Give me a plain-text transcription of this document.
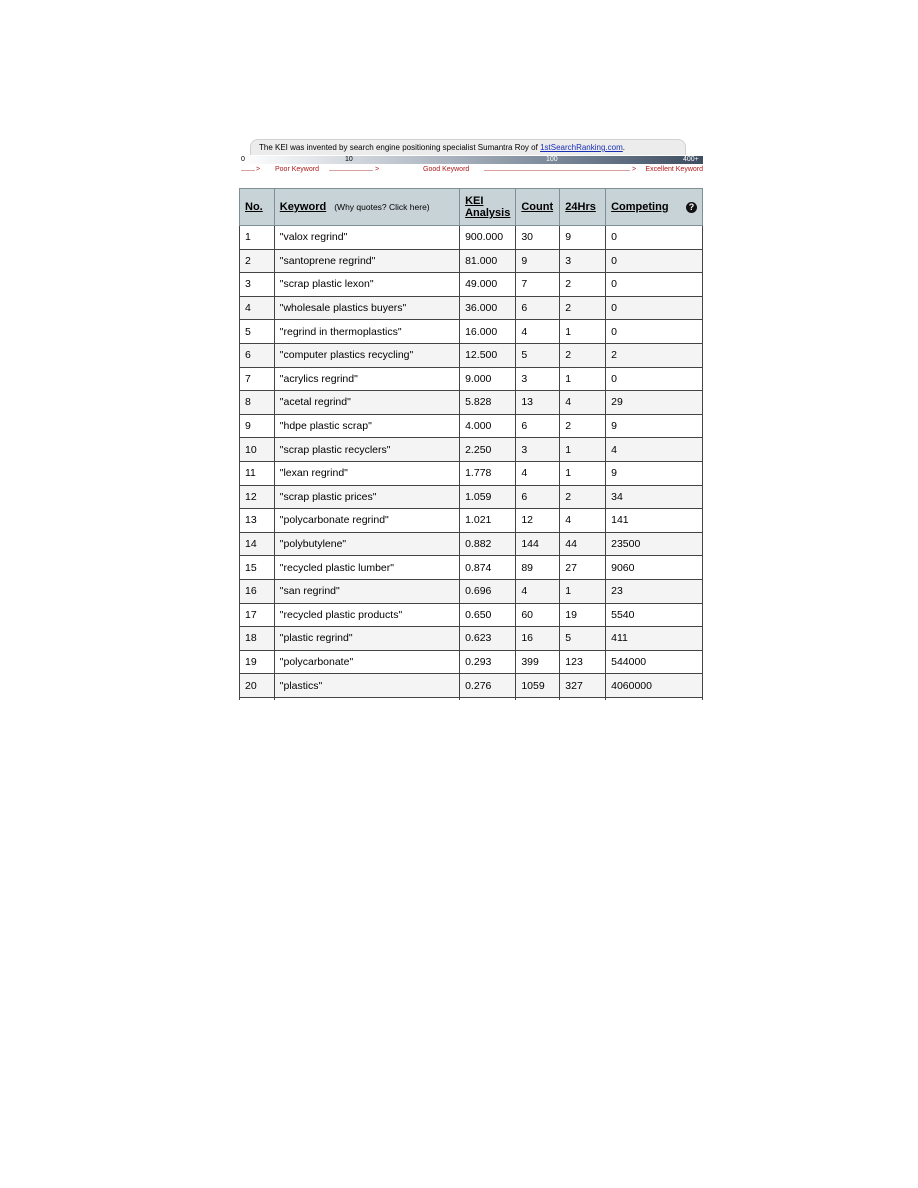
The KEI was invented by search engine positioning specialist Sumantra Roy of 1stSearchRanking.com.
0	10	100	400+
> Poor Keyword	>	Good Keyword	> Excellent Keyword
No.	Keyword (Why quotes? Click here)	KEI
Analysis	Count	24Hrs	Competing ?

1	"valox regrind"	900.000	30	9	0
2	"santoprene regrind"	81.000	9	3	0
3	"scrap plastic lexon"	49.000	7	2	0
4	"wholesale plastics buyers"	36.000	6	2	0
5	"regrind in thermoplastics"	16.000	4	1	0
6	"computer plastics recycling"	12.500	5	2	2
7	"acrylics regrind"	9.000	3	1	0
8	"acetal regrind"	5.828	13	4	29
9	"hdpe plastic scrap"	4.000	6	2	9
10	"scrap plastic recyclers"	2.250	3	1	4
11	"lexan regrind"	1.778	4	1	9
12	"scrap plastic prices"	1.059	6	2	34
13	"polycarbonate regrind"	1.021	12	4	141
14	"polybutylene"	0.882	144	44	23500
15	"recycled plastic lumber"	0.874	89	27	9060
16	"san regrind"	0.696	4	1	23
17	"recycled plastic products"	0.650	60	19	5540
18	"plastic regrind"	0.623	16	5	411
19	"polycarbonate"	0.293	399	123	544000
20	"plastics"	0.276	1059	327	4060000
